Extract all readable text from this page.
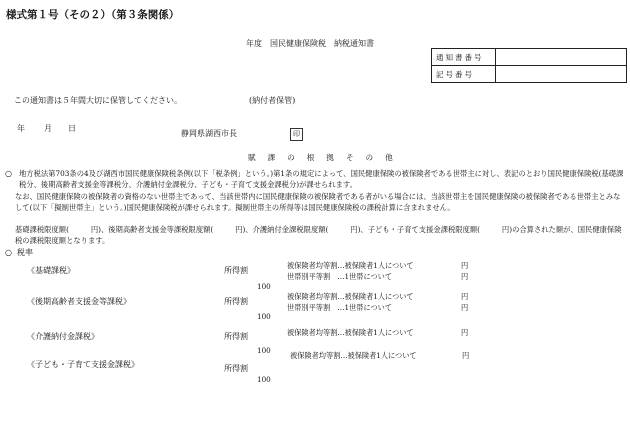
様式第１号（その２）（第３条関係）
年度　国民健康保険税　納税通知書
通知書番号	
記号番号	
この通知書は５年間大切に保管してください。	(納付者保管)
年 月 日
静岡県湖西市長	印
賦課の根拠その他
○ 地方税法第703条の4及び湖西市国民健康保険税条例(以下「税条例」という。)第1条の規定によって、国民健康保険の被保険者である世帯主に対し、表記のとおり国民健康保険税(基礎課税分、後期高齢者支援金等課税分、介護納付金課税分、子ども・子育て支援金課税分)が課せられます。
なお、国民健康保険の被保険者の資格のない世帯主であって、当該世帯内に国民健康保険の被保険者である者がいる場合には、当該世帯主を国民健康保険の被保険者である世帯主とみなして(以下「擬制世帯主」という。)国民健康保険税が課せられます。擬制世帯主の所得等は国民健康保険税の課税計算に含まれません。
基礎課税限度額(　　　円)、後期高齢者支援金等課税限度額(　　　円)、介護納付金課税限度額(　　　円)、子ども・子育て支援金課税限度額(　　　円)の合算された額が、国民健康保険税の課税限度額となります。
○ 税率
《基礎課税》	所得割
100
被保険者均等割…被保険者1人について	円
世帯別平等割　…1世帯について	円
《後期高齢者支援金等課税》	所得割
100
被保険者均等割…被保険者1人について	円
世帯別平等割　…1世帯について	円
《介護納付金課税》	所得割
100
被保険者均等割…被保険者1人について	円
《子ども・子育て支援金課税》	所得割
100
被保険者均等割…被保険者1人について	円
